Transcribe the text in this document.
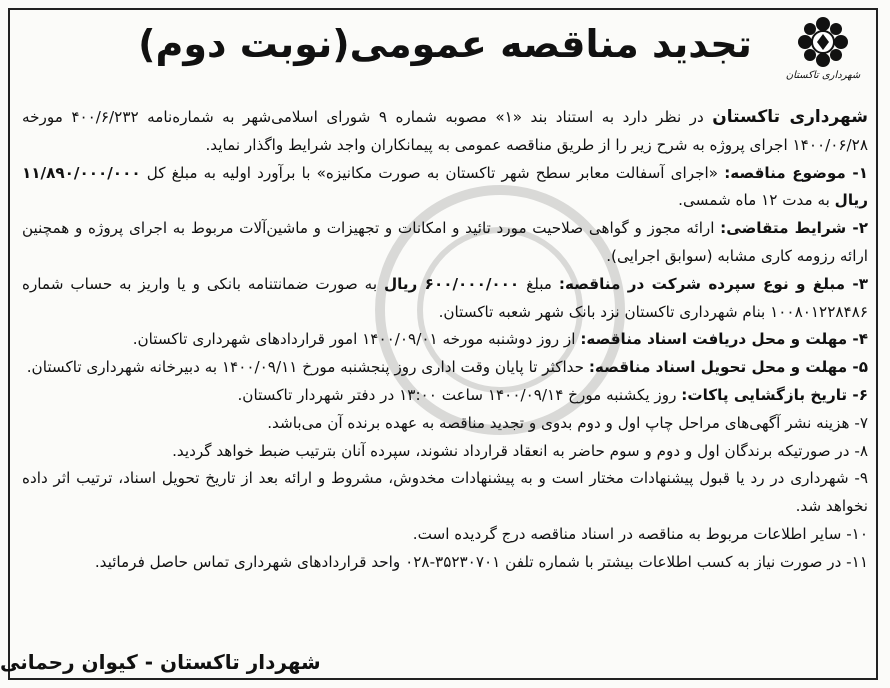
شهرداری تاکستان
تجدید مناقصه عمومی(نوبت دوم)

شهرداری تاکستان در نظر دارد به استناد بند «۱» مصوبه شماره ۹ شورای اسلامی‌شهر به شماره‌نامه ۴۰۰/۶/۲۳۲ مورخه ۱۴۰۰/۰۶/۲۸ اجرای پروژه به شرح زیر را از طریق مناقصه عمومی به پیمانکاران واجد شرایط واگذار نماید.

۱- موضوع مناقصه: «اجرای آسفالت معابر سطح شهر تاکستان به صورت مکانیزه» با برآورد اولیه به مبلغ کل ۱۱/۸۹۰/۰۰۰/۰۰۰ ریال به مدت ۱۲ ماه شمسی.

۲- شرایط متقاضی: ارائه مجوز و گواهی صلاحیت مورد تائید و امکانات و تجهیزات و ماشین‌آلات مربوط به اجرای پروژه و همچنین ارائه رزومه کاری مشابه (سوابق اجرایی).

۳- مبلغ و نوع سپرده شرکت در مناقصه: مبلغ ۶۰۰/۰۰۰/۰۰۰ ریال به صورت ضمانتنامه بانکی و یا واریز به حساب شماره ۱۰۰۸۰۱۲۲۸۴۸۶ بنام شهرداری تاکستان نزد بانک شهر شعبه تاکستان.

۴- مهلت و محل دریافت اسناد مناقصه: از روز دوشنبه مورخه ۱۴۰۰/۰۹/۰۱ امور قراردادهای شهرداری تاکستان.

۵- مهلت و محل تحویل اسناد مناقصه: حداکثر تا پایان وقت اداری روز پنجشنبه مورخ ۱۴۰۰/۰۹/۱۱ به دبیرخانه شهرداری تاکستان.

۶- تاریخ بازگشایی پاکات: روز یکشنبه مورخ ۱۴۰۰/۰۹/۱۴ ساعت ۱۳:۰۰ در دفتر شهردار تاکستان.

۷- هزینه نشر آگهی‌های مراحل چاپ اول و دوم بدوی و تجدید مناقصه به عهده برنده آن می‌باشد.

۸- در صورتیکه برندگان اول و دوم و سوم حاضر به انعقاد قرارداد نشوند، سپرده آنان بترتیب ضبط خواهد گردید.

۹- شهرداری در رد یا قبول پیشنهادات مختار است و به پیشنهادات مخدوش، مشروط و ارائه بعد از تاریخ تحویل اسناد، ترتیب اثر داده نخواهد شد.

۱۰- سایر اطلاعات مربوط به مناقصه در اسناد مناقصه درج گردیده است.

۱۱- در صورت نیاز به کسب اطلاعات بیشتر با شماره تلفن ۳۵۲۳۰۷۰۱-۰۲۸ واحد قراردادهای شهرداری تماس حاصل فرمائید.

شهردار تاکستان - کیوان رحمانی
